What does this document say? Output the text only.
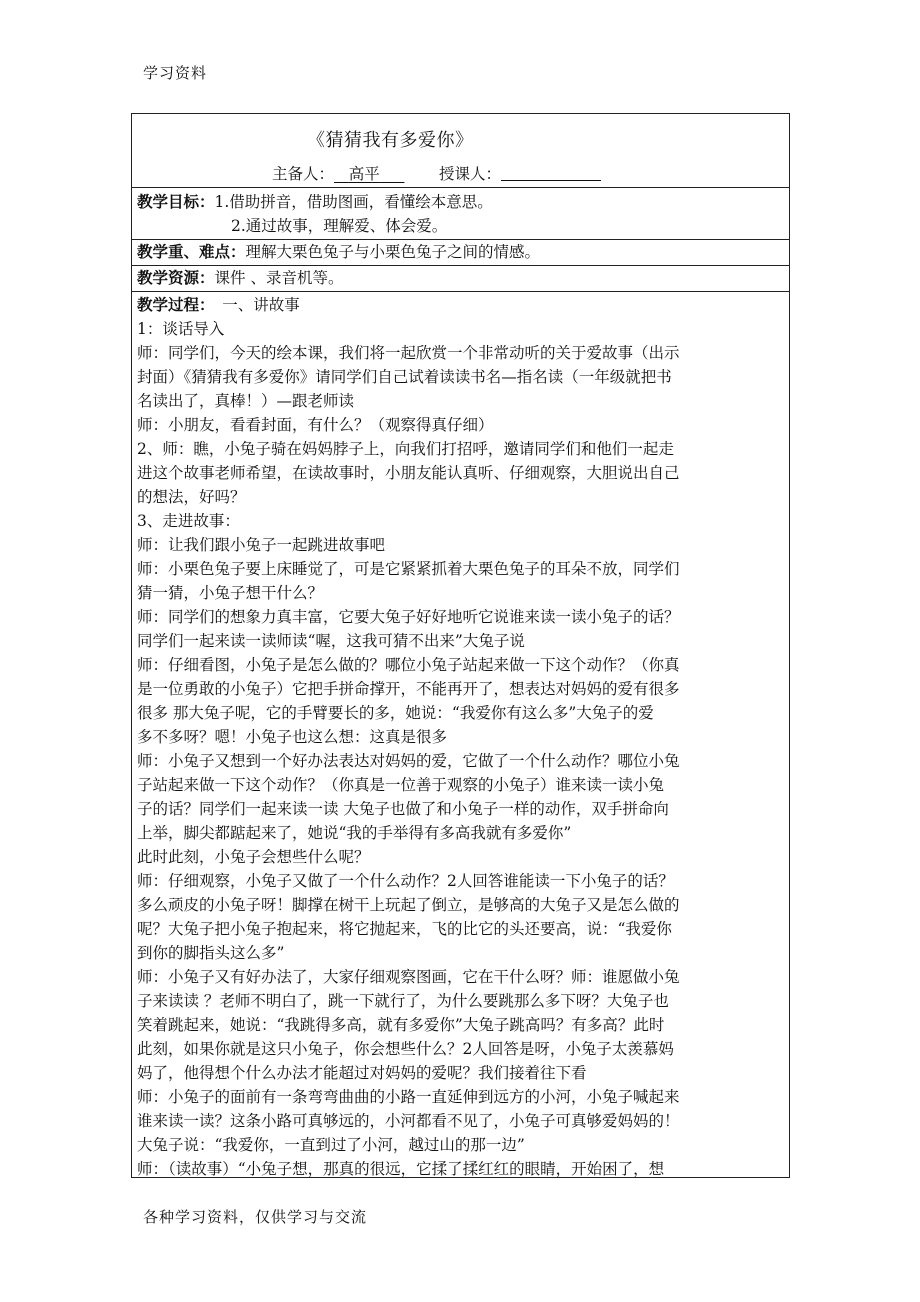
学习资料
《猜猜我有多爱你》
主备人： 高平	授课人：
教学目标：1.借助拼音，借助图画，看懂绘本意思。
2.通过故事，理解爱、体会爱。
教学重、难点：理解大栗色兔子与小栗色兔子之间的情感。
教学资源：课件 、录音机等。
教学过程：　一、讲故事
1：谈话导入
师：同学们，今天的绘本课，我们将一起欣赏一个非常动听的关于爱故事（出示
封面）《猜猜我有多爱你》请同学们自己试着读读书名—指名读（一年级就把书
名读出了，真棒！）—跟老师读
师：小朋友，看看封面，有什么？（观察得真仔细）
2、师：瞧，小兔子骑在妈妈脖子上，向我们打招呼，邀请同学们和他们一起走
进这个故事老师希望，在读故事时，小朋友能认真听、仔细观察，大胆说出自己
的想法，好吗？
3、走进故事：
师：让我们跟小兔子一起跳进故事吧
师：小栗色兔子要上床睡觉了，可是它紧紧抓着大栗色兔子的耳朵不放，同学们
猜一猜，小兔子想干什么？
师：同学们的想象力真丰富，它要大兔子好好地听它说谁来读一读小兔子的话？
同学们一起来读一读师读“喔，这我可猜不出来”大兔子说
师：仔细看图，小兔子是怎么做的？哪位小兔子站起来做一下这个动作？（你真
是一位勇敢的小兔子）它把手拼命撑开，不能再开了，想表达对妈妈的爱有很多
很多 那大兔子呢，它的手臂要长的多，她说：“我爱你有这么多”大兔子的爱
多不多呀？嗯！小兔子也这么想：这真是很多
师：小兔子又想到一个好办法表达对妈妈的爱，它做了一个什么动作？哪位小兔
子站起来做一下这个动作？（你真是一位善于观察的小兔子）谁来读一读小兔
子的话？同学们一起来读一读 大兔子也做了和小兔子一样的动作，双手拼命向
上举，脚尖都踮起来了，她说“我的手举得有多高我就有多爱你”
此时此刻，小兔子会想些什么呢？
师：仔细观察，小兔子又做了一个什么动作？2人回答谁能读一下小兔子的话？
多么顽皮的小兔子呀！脚撑在树干上玩起了倒立，是够高的大兔子又是怎么做的
呢？大兔子把小兔子抱起来，将它抛起来，飞的比它的头还要高，说：“我爱你
到你的脚指头这么多”
师：小兔子又有好办法了，大家仔细观察图画，它在干什么呀？师：谁愿做小兔
子来读读 ？老师不明白了，跳一下就行了，为什么要跳那么多下呀？大兔子也
笑着跳起来，她说：“我跳得多高，就有多爱你”大兔子跳高吗？有多高？此时
此刻，如果你就是这只小兔子，你会想些什么？2人回答是呀，小兔子太羡慕妈
妈了，他得想个什么办法才能超过对妈妈的爱呢？我们接着往下看
师：小兔子的面前有一条弯弯曲曲的小路一直延伸到远方的小河，小兔子喊起来
谁来读一读？这条小路可真够远的，小河都看不见了，小兔子可真够爱妈妈的！
大兔子说：“我爱你，一直到过了小河，越过山的那一边”
师：（读故事）“小兔子想，那真的很远，它揉了揉红红的眼睛，开始困了，想
各种学习资料，仅供学习与交流
